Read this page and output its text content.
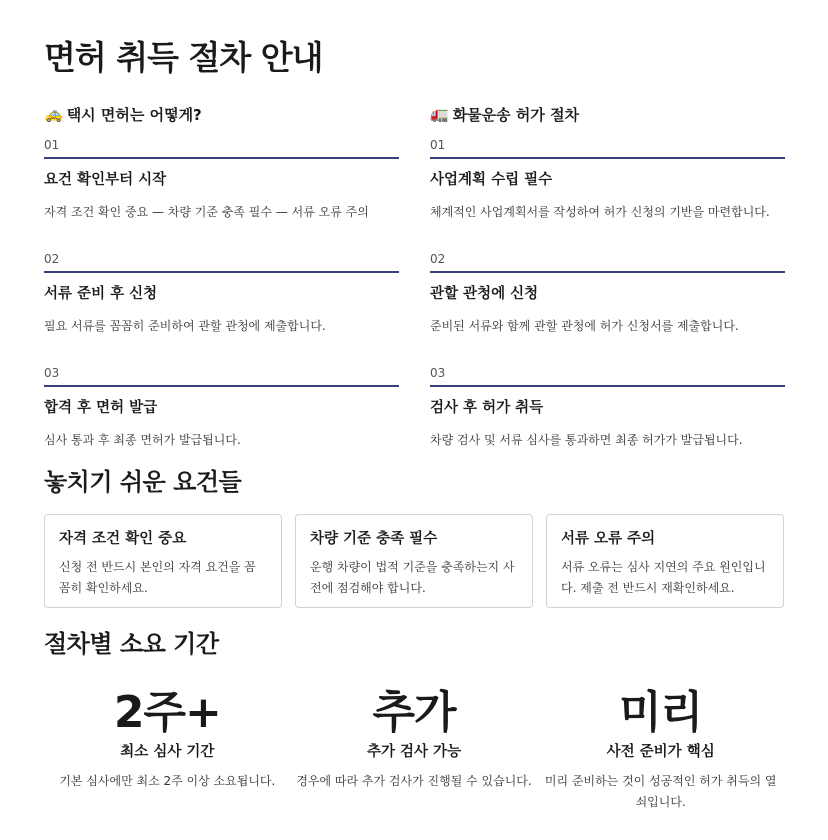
면허 취득 절차 안내
🚕 택시 면허는 어떻게?
01
요건 확인부터 시작
자격 조건 확인 중요 — 차량 기준 충족 필수 — 서류 오류 주의
02
서류 준비 후 신청
필요 서류를 꼼꼼히 준비하여 관할 관청에 제출합니다.
03
합격 후 면허 발급
심사 통과 후 최종 면허가 발급됩니다.
🚛 화물운송 허가 절차
01
사업계획 수립 필수
체계적인 사업계획서를 작성하여 허가 신청의 기반을 마련합니다.
02
관할 관청에 신청
준비된 서류와 함께 관할 관청에 허가 신청서를 제출합니다.
03
검사 후 허가 취득
차량 검사 및 서류 심사를 통과하면 최종 허가가 발급됩니다.
놓치기 쉬운 요건들
자격 조건 확인 중요
신청 전 반드시 본인의 자격 요건을 꼼꼼히 확인하세요.
차량 기준 충족 필수
운행 차량이 법적 기준을 충족하는지 사전에 점검해야 합니다.
서류 오류 주의
서류 오류는 심사 지연의 주요 원인입니다. 제출 전 반드시 재확인하세요.
절차별 소요 기간
2주+
최소 심사 기간
기본 심사에만 최소 2주 이상 소요됩니다.
추가
추가 검사 가능
경우에 따라 추가 검사가 진행될 수 있습니다.
미리
사전 준비가 핵심
미리 준비하는 것이 성공적인 허가 취득의 열쇠입니다.
